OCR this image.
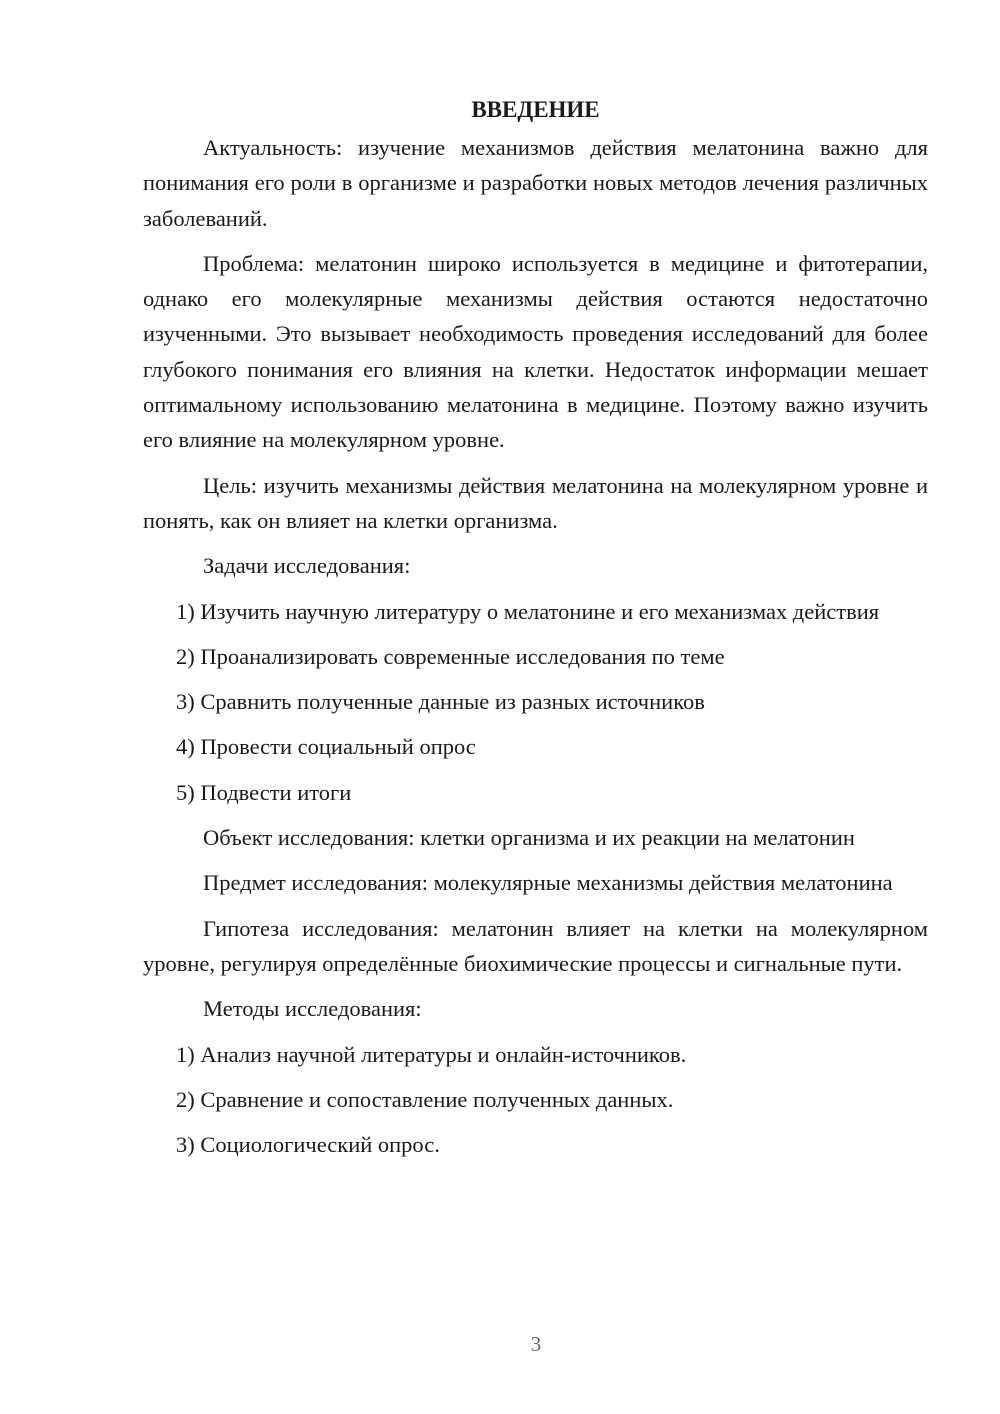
ВВЕДЕНИЕ

Актуальность: изучение механизмов действия мелатонина важно для понимания его роли в организме и разработки новых методов лечения различных заболеваний.

Проблема: мелатонин широко используется в медицине и фитотерапии, однако его молекулярные механизмы действия остаются недостаточно изученными. Это вызывает необходимость проведения исследований для более глубокого понимания его влияния на клетки. Недостаток информации мешает оптимальному использованию мелатонина в медицине. Поэтому важно изучить его влияние на молекулярном уровне.

Цель: изучить механизмы действия мелатонина на молекулярном уровне и понять, как он влияет на клетки организма.

Задачи исследования:

1) Изучить научную литературу о мелатонине и его механизмах действия

2) Проанализировать современные исследования по теме

3) Сравнить полученные данные из разных источников

4) Провести социальный опрос

5) Подвести итоги

Объект исследования: клетки организма и их реакции на мелатонин

Предмет исследования: молекулярные механизмы действия мелатонина

Гипотеза исследования: мелатонин влияет на клетки на молекулярном уровне, регулируя определённые биохимические процессы и сигнальные пути.

Методы исследования:

1) Анализ научной литературы и онлайн-источников.

2) Сравнение и сопоставление полученных данных.

3) Социологический опрос.

3
